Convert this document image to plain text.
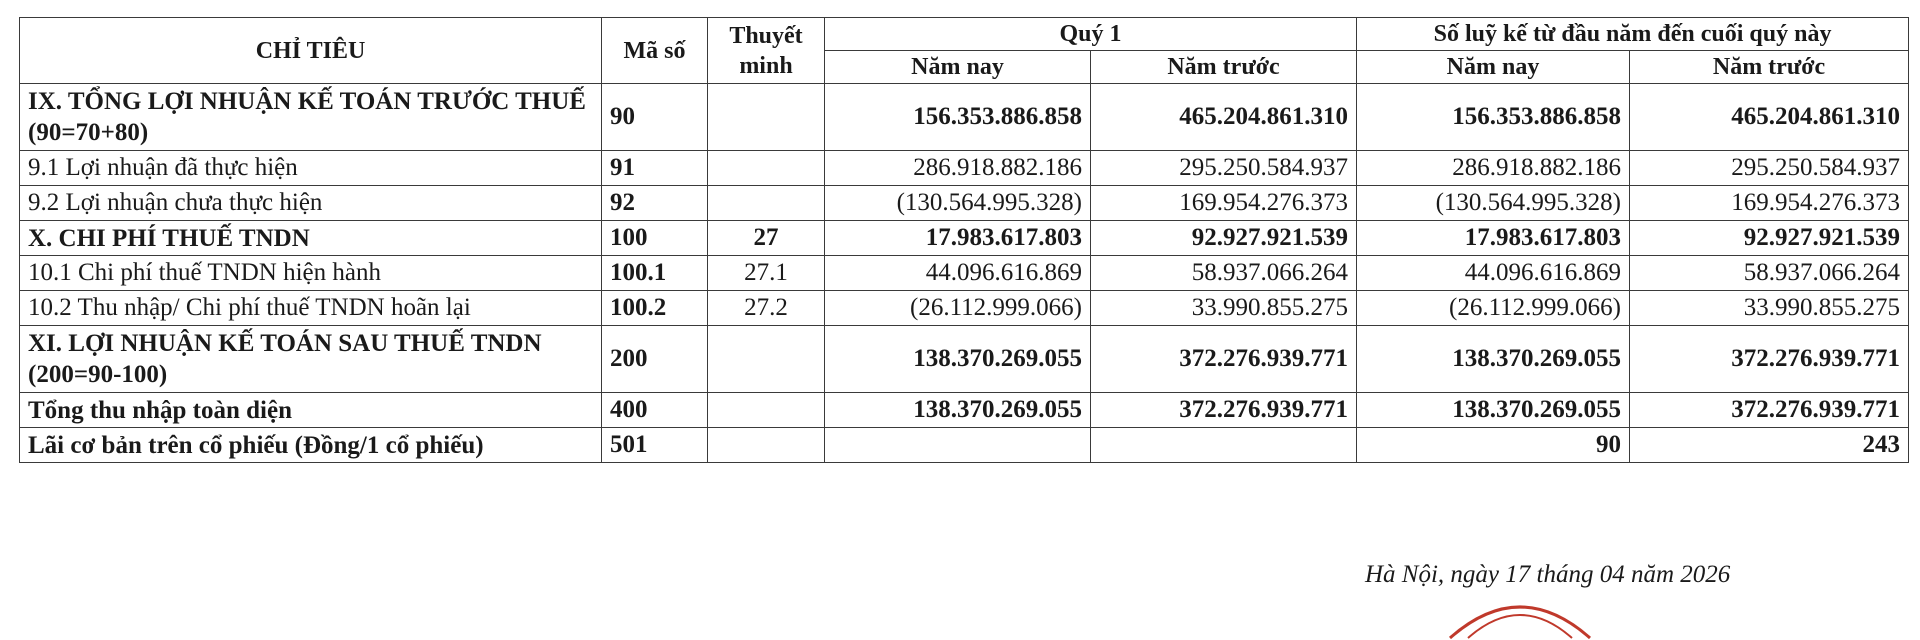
CHỈ TIÊU	Mã số	Thuyết minh	Quý 1		Số luỹ kế từ đầu năm đến cuối quý này	
			Năm nay	Năm trước	Năm nay	Năm trước
IX. TỔNG LỢI NHUẬN KẾ TOÁN TRƯỚC THUẾ (90=70+80)	90		156.353.886.858	465.204.861.310	156.353.886.858	465.204.861.310
9.1 Lợi nhuận đã thực hiện	91		286.918.882.186	295.250.584.937	286.918.882.186	295.250.584.937
9.2 Lợi nhuận chưa thực hiện	92		(130.564.995.328)	169.954.276.373	(130.564.995.328)	169.954.276.373
X. CHI PHÍ THUẾ TNDN	100	27	17.983.617.803	92.927.921.539	17.983.617.803	92.927.921.539
10.1 Chi phí thuế TNDN hiện hành	100.1	27.1	44.096.616.869	58.937.066.264	44.096.616.869	58.937.066.264
10.2 Thu nhập/ Chi phí thuế TNDN hoãn lại	100.2	27.2	(26.112.999.066)	33.990.855.275	(26.112.999.066)	33.990.855.275
XI. LỢI NHUẬN KẾ TOÁN SAU THUẾ TNDN (200=90-100)	200		138.370.269.055	372.276.939.771	138.370.269.055	372.276.939.771
Tổng thu nhập toàn diện	400		138.370.269.055	372.276.939.771	138.370.269.055	372.276.939.771
Lãi cơ bản trên cổ phiếu (Đồng/1 cổ phiếu)	501				90	243
Hà Nội, ngày 17 tháng 04 năm 2026
